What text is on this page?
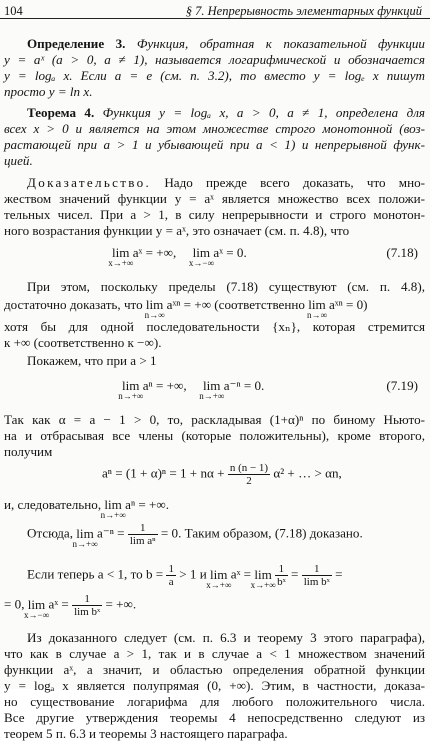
104	§ 7. Непрерывность элементарных функций
Определение 3. Функция, обратная к показательной функции
y = aˣ (a > 0, a ≠ 1), называется логарифмической и обозначается
y = logₐ x. Если a = e (см. п. 3.2), то вместо y = logₑ x пишут
просто y = ln x.
Теорема 4. Функция y = logₐ x, a > 0, a ≠ 1, определена для
всех x > 0 и является на этом множестве строго монотонной (воз-
растающей при a > 1 и убывающей при a < 1) и непрерывной функ-
цией.
Доказательство. Надо прежде всего доказать, что мно-
жеством значений функции y = aˣ является множество всех положи-
тельных чисел. При a > 1, в силу непрерывности и строго монотон-
ного возрастания функции y = aˣ, это означает (см. п. 4.8), что
lim
x→+∞
aˣ = +∞, lim
x→−∞
aˣ = 0.	(7.18)
При этом, поскольку пределы (7.18) существуют (см. п. 4.8),
достаточно доказать, что lim
n→∞
aˣⁿ = +∞ (соответственно lim
n→∞
aˣⁿ = 0)
хотя бы для одной последовательности {xₙ}, которая стремится
к +∞ (соответственно к −∞).
Покажем, что при a > 1
lim
n→+∞
aⁿ = +∞, lim
n→+∞
a⁻ⁿ = 0.	(7.19)
Так как α = a − 1 > 0, то, раскладывая (1+α)ⁿ по биному Ньюто-
на и отбрасывая все члены (которые положительны), кроме второго,
получим
$a^n = (1 + \alpha)^n = 1 + n\alpha + \frac{n (n - 1)}{2} \alpha^2$ + … > αn,
и, следовательно, lim
n→+∞
aⁿ = +∞.
Отсюда, lim
n→+∞
$a^{-n} = \frac{1}{\text{lim aⁿ}} = 0$. Таким образом, (7.18) доказано.
Если теперь a < 1, то $b = \frac{1}{a} > 1$ и lim
x→+∞
aˣ = lim
x→+∞
$\frac{1}{\text{bˣ}} = \frac{1}{\text{lim bˣ}}$ =
= 0, lim
x→−∞
aˣ = $\frac{1}{\text{lim bˣ}}$ = +∞.
Из доказанного следует (см. п. 6.3 и теорему 3 этого параграфа),
что как в случае a > 1, так и в случае a < 1 множеством значений
функции aˣ, а значит, и областью определения обратной функции
y = logₐ x является полупрямая (0, +∞). Этим, в частности, доказа-
но существование логарифма для любого положительного числа.
Все другие утверждения теоремы 4 непосредственно следуют из
теорем 5 п. 6.3 и теоремы 3 настоящего параграфа.
